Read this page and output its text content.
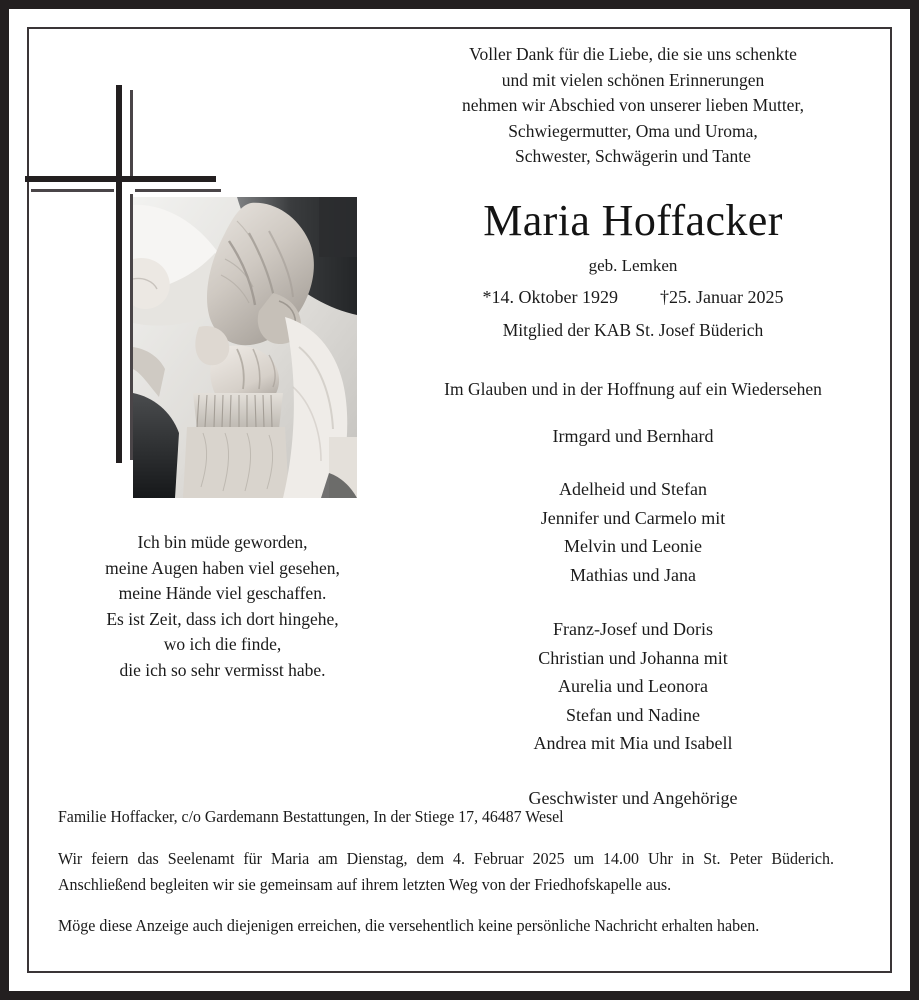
Ich bin müde geworden,
meine Augen haben viel gesehen,
meine Hände viel geschaffen.
Es ist Zeit, dass ich dort hingehe,
wo ich die finde,
die ich so sehr vermisst habe.
Voller Dank für die Liebe, die sie uns schenkte
und mit vielen schönen Erinnerungen
nehmen wir Abschied von unserer lieben Mutter,
Schwiegermutter, Oma und Uroma,
Schwester, Schwägerin und Tante
Maria Hoffacker
geb. Lemken
*14. Oktober 1929 †25. Januar 2025
Mitglied der KAB St. Josef Büderich
Im Glauben und in der Hoffnung auf ein Wiedersehen
Irmgard und Bernhard
Adelheid und Stefan
Jennifer und Carmelo mit
Melvin und Leonie
Mathias und Jana
Franz-Josef und Doris
Christian und Johanna mit
Aurelia und Leonora
Stefan und Nadine
Andrea mit Mia und Isabell
Geschwister und Angehörige
Familie Hoffacker, c/o Gardemann Bestattungen, In der Stiege 17, 46487 Wesel
Wir feiern das Seelenamt für Maria am Dienstag, dem 4. Februar 2025 um 14.00 Uhr in St. Peter Büderich. Anschließend begleiten wir sie gemeinsam auf ihrem letzten Weg von der Friedhofskapelle aus.
Möge diese Anzeige auch diejenigen erreichen, die versehentlich keine persönliche Nachricht erhalten haben.
